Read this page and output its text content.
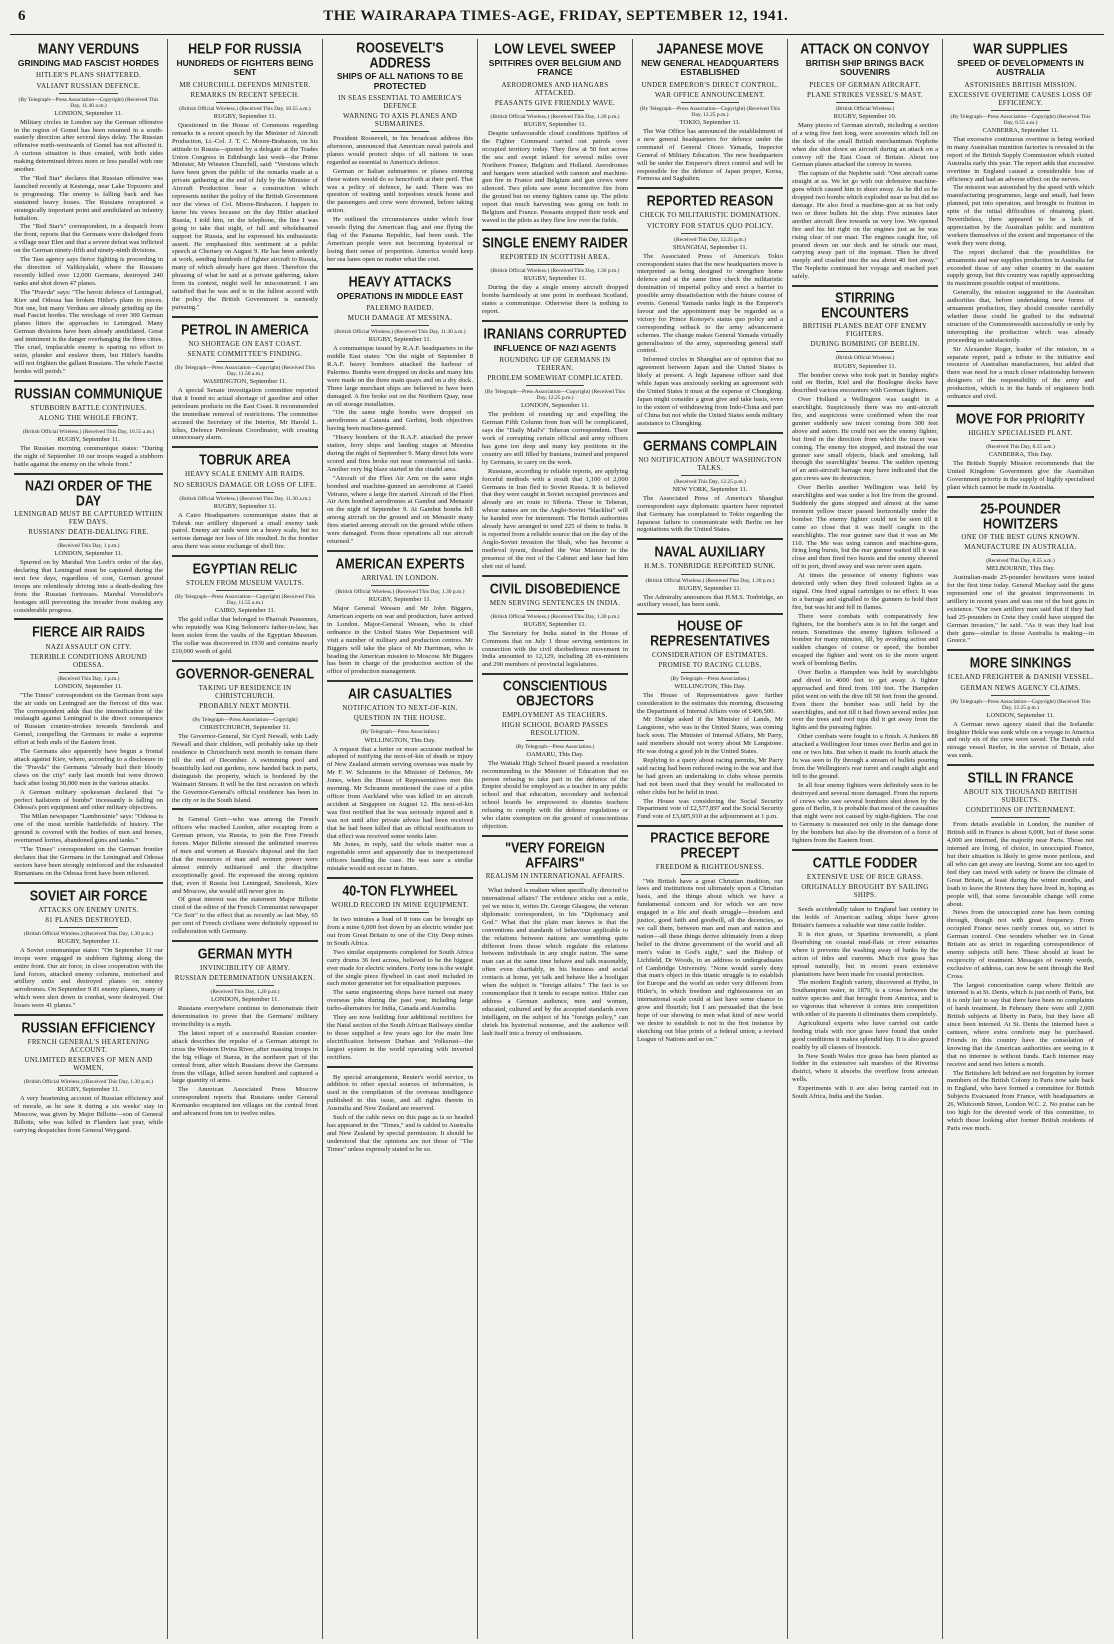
6	THE WAIRARAPA TIMES-AGE, FRIDAY, SEPTEMBER 12, 1941.
MANY VERDUNS
GRINDING MAD FASCIST HORDES
HITLER'S PLANS SHATTERED.
VALIANT RUSSIAN DEFENCE.
(By Telegraph—Press Association—Copyright) (Received This Day, 11.40 a.m.)
LONDON, September 11.

Military circles in London say the German offensive in the region of Gomel has been resumed in a south-easterly direction after several days delay. The Russian offensive north-westwards of Gomel has not affected it. A curious situation is thus created, with both sides making determined drives more or less parallel with one another.

The "Red Star" declares that Russian offensive was launched recently at Kestenga, near Lake Topozero and is progressing. The enemy is falling back and has sustained heavy losses. The Russians recaptured a strategically important point and annihilated an infantry battalion.

The "Red Star's" correspondent, in a despatch from the front, reports that the Germans were dislodged from a village near Elen and that a severe defeat was inflicted on the German ninety-fifth and ninety-ninth divisions.

The Tass agency says fierce fighting is proceeding in the direction of Valikiyalaki, where the Russians recently killed over 12,000 Germans, destroyed 240 tanks and shot down 47 planes.

The "Pravda" says: "The heroic defence of Leningrad, Kiev and Odessa has broken Hitler's plans to pieces. Not one, but many Verduns are already grinding up the mad Fascist hordes. The wreckage of over 300 German planes litters the approaches to Leningrad. Many German divisions have been already annihilated. Great and imminent is the danger overhanging the three cities. The cruel, implacable enemy is sparing no effort to seize, plunder and enslave them, but Hitler's bandits will not frighten the gallant Russians. The whole Fascist hordes will perish."

RUSSIAN COMMUNIQUE
STUBBORN BATTLE CONTINUES.
ALONG THE WHOLE FRONT.
(British Official Wireless.) (Received This Day, 10.55 a.m.)
RUGBY, September 11.

The Russian morning communique states: "During the night of September 10 our troops waged a stubborn battle against the enemy on the whole front."

NAZI ORDER OF THE DAY
LENINGRAD MUST BE CAPTURED WITHIN FEW DAYS.
RUSSIANS' DEATH-DEALING FIRE.
(Received This Day, 1 p.m.)
LONDON, September 11.

Spurred on by Marshal Von Leeb's order of the day, declaring that Leningrad must be captured during the next few days, regardless of cost, German ground troops are relentlessly driving into a death-dealing fire from the Russian fortresses. Marshal Voroshilov's hostages still preventing the invader from making any considerable progress.

FIERCE AIR RAIDS
NAZI ASSAULT ON CITY.
TERRIBLE CONDITIONS AROUND ODESSA.
(Received This Day, 1 p.m.)
LONDON, September 11.

"The Times" correspondent on the German front says the air raids on Leningrad are the fiercest of this war. The correspondent adds that the intensification of the onslaught against Leningrad is the direct consequence of Russian counter-strokes towards Smolensk and Gomel, compelling the Germans to make a supreme effort at both ends of the Eastern front.

The Germans also apparently have begun a frontal attack against Kiev, where, according to a disclosure in the "Pravda" the Germans "already hurl their bloody claws on the city" early last month but were thrown back after losing 30,000 men in the various attacks.

A German military spokesman declared that "a perfect hailstorm of bombs" incessantly is falling on Odessa's port equipment and other military objectives.

The Milan newspaper "Lambrosinie" says: "Odessa is one of the most terrible battlefields of history. The ground is covered with the bodies of men and horses, overturned lorries, abandoned guns and tanks."

"The Times" correspondent on the German frontier declares that the Germans in the Leningrad and Odessa sectors have been strongly reinforced and the exhausted Rumanians on the Odessa front have been relieved.

SOVIET AIR FORCE
ATTACKS ON ENEMY UNITS.
81 PLANES DESTROYED.
(British Official Wireless.) (Received This Day, 1.30 p.m.)
RUGBY, September 11.

A Soviet communique states: "On September 11 our troops were engaged in stubborn fighting along the entire front. Our air force, in close cooperation with the land forces, attacked enemy columns, motorised and artillery units and destroyed planes on enemy aerodromes. On September 9 81 enemy planes, many of which were shot down in combat, were destroyed. Our losses were 41 planes."

RUSSIAN EFFICIENCY
FRENCH GENERAL'S HEARTENING ACCOUNT.
UNLIMITED RESERVES OF MEN AND WOMEN.
(British Official Wireless.) (Received This Day, 1.30 p.m.)
RUGBY, September 11.

A very heartening account of Russian efficiency and of morale, as he saw it during a six weeks' stay in Moscow, was given by Major Billotte—son of General Billotte, who was killed in Flanders last year, while carrying despatches from General Weygand.

HELP FOR RUSSIA
HUNDREDS OF FIGHTERS BEING SENT
MR CHURCHILL DEFENDS MINISTER.
REMARKS IN RECENT SPEECH.
(British Official Wireless.) (Received This Day, 10.55 a.m.)
RUGBY, September 11.

Questioned in the House of Commons regarding remarks in a recent speech by the Minister of Aircraft Production, Lt.-Col. J. T. C. Moore-Brabazon, on his attitude to Russia—quoted by a delegate at the Trades Union Congress in Edinburgh last week—the Prime Minister, Mr Winston Churchill, said: "Versions which have been given the public of the remarks made at a private gathering at the end of July by the Minister of Aircraft Production bear a construction which represents neither the policy of the British Government nor the views of Col. Moore-Brabazon. I happen to know his views because on the day Hitler attacked Russia, I told him, on the telephone, the line I was going to take that night, of full and wholehearted support for Russia, and he expressed his enthusiastic assent. He emphasised this sentiment at a public speech at Chertsey on August 9. He has been ardently at work, sending hundreds of fighter aircraft to Russia, many of which already have got there. Therefore the phrasing of what he said at a private gathering, taken from its context, might well be misconstrued. I am satisfied that he was and is in the fullest accord with the policy the British Government is earnestly pursuing."

PETROL IN AMERICA
NO SHORTAGE ON EAST COAST.
SENATE COMMITTEE'S FINDING.
(By Telegraph—Press Association—Copyright) (Received This Day, 11.50 a.m.)
WASHINGTON, September 11.

A special Senate investigation committee reported that it found no actual shortage of gasoline and other petroleum products on the East Coast. It recommended the immediate removal of restrictions. The committee accused the Secretary of the Interior, Mr Harold L. Ickes, Defence Petroleum Coordinator, with creating unnecessary alarm.

TOBRUK AREA
HEAVY SCALE ENEMY AIR RAIDS.
NO SERIOUS DAMAGE OR LOSS OF LIFE.
(British Official Wireless.) (Received This Day, 11.30 a.m.)
RUGBY, September 11.

A Cairo Headquarters communique states that at Tobruk our artillery dispersed a small enemy tank patrol. Enemy air raids were on a heavy scale, but no serious damage nor loss of life resulted. In the frontier area there was some exchange of shell fire.

EGYPTIAN RELIC
STOLEN FROM MUSEUM VAULTS.
(By Telegraph—Press Association—Copyright) (Received This Day, 11.55 a.m.)
CAIRO, September 11.

The gold collar that belonged to Pharoah Psusennes, who reputedly was King Solomon's father-in-law, has been stolen from the vaults of the Egyptian Museum. The collar was discovered in 1939 and contains nearly £10,000 worth of gold.

GOVERNOR-GENERAL
TAKING UP RESIDENCE IN CHRISTCHURCH.
PROBABLY NEXT MONTH.
(By Telegraph—Press Association—Copyright)
CHRISTCHURCH, September 11.

The Governor-General, Sir Cyril Newall, with Lady Newall and their children, will probably take up their residence in Christchurch next month to remain there till the end of December. A swimming pool and beautifully laid out gardens, now handed back in parts, distinguish the property, which is bordered by the Waimairi Stream. It will be the first occasion on which the Governor-General's official residence has been in the city or in the South Island.

In General Gort—who was among the French officers who reached London, after escaping from a German prison, via Russia, to join the Free French forces. Major Billotte stressed the unlimited reserves of men and women at Russia's disposal and the fact that the resources of man and women power were almost entirely militarised and the discipline exceptionally good. He expressed the strong opinion that, even if Russia lost Leningrad, Smolensk, Kiev and Moscow, she would still never give in.

Of great interest was the statement Major Billotte cited of the editor of the French Communist newspaper "Ce Soir" to the effect that as recently as last May, 65 per cent of French civilians were definitely opposed to collaboration with Germany.

GERMAN MYTH
INVINCIBILITY OF ARMY.
RUSSIAN DETERMINATION UNSHAKEN.
(Received This Day, 1.20 p.m.)
LONDON, September 11.

Russians everywhere continue to demonstrate their determination to prove that the Germans' military invincibility is a myth.

The latest report of a successful Russian counter-attack describes the repulse of a German attempt to cross the Western Dvina River, after massing troops in the big village of Starza, in the northern part of the central front, after which Russians drove the Germans from the village, killed seven hundred and captured a large quantity of arms.

The American Associated Press Moscow correspondent reports that Russians under General Kremanko recaptured ten villages on the central front and advanced from ten to twelve miles.

ROOSEVELT'S ADDRESS
SHIPS OF ALL NATIONS TO BE PROTECTED
IN SEAS ESSENTIAL TO AMERICA'S DEFENCE
WARNING TO AXIS PLANES AND SUBMARINES.

President Roosevelt, in his broadcast address this afternoon, announced that American naval patrols and planes would protect ships of all nations in seas regarded as essential to America's defence.

German or Italian submarines or planes entering these waters would do so henceforth at their peril. That was a policy of defence, he said. There was no question of waiting until torpedoes struck home and the passengers and crew were drowned, before taking action.

He outlined the circumstances under which four vessels flying the American flag, and one flying the flag of the Panama Republic, had been sunk. The American people were not becoming hysterical or losing their sense of proportion. America would keep her sea lanes open no matter what the cost.

HEAVY ATTACKS
OPERATIONS IN MIDDLE EAST
PALERMO RAIDED.
MUCH DAMAGE AT MESSINA.
(British Official Wireless.) (Received This Day, 11.30 a.m.)
RUGBY, September 11.

A communique issued by R.A.F. headquarters in the middle East states: "On the night of September 8 R.A.F. heavy bombers attacked the harbour of Palermo. Bombs were dropped on docks and many hits were made on the three main quays and on a dry dock. Three large merchant ships are believed to have been damaged. A fire broke out on the Northern Quay, near an oil storage installation.

"On the same night bombs were dropped on aerodromes at Catania and Gerbini, both objectives having been machine-gunned.

"Heavy bombers of the R.A.F. attacked the power station, ferry ships and landing stages at Messina during the night of September 9. Many direct hits were scored and fires broke out near commercial oil tanks. Another very big blaze started in the citadel area.

"Aircraft of the Fleet Air Arm on the same night bombed and machine-gunned an aerodrome at Castel Vetrano, where a large fire started. Aircraft of the Fleet Air Arm bombed aerodromes at Gambut and Menastir on the night of September 9. At Gambut bombs fell among aircraft on the ground and on Menastir many fires started among aircraft on the ground while others were damaged. From these operations all our aircraft returned."

AMERICAN EXPERTS
ARRIVAL IN LONDON.
(British Official Wireless.) (Received This Day, 1.30 p.m.)
RUGBY, September 11.

Major General Wessen and Mr John Biggers, American experts on war and production, have arrived in London. Major-General Wessen, who is chief ordnance in the United States War Department will visit a number of military and production centres. Mr Biggers will take the place of Mr Harriman, who is heading the American mission to Moscow. Mr Biggers has been in charge of the production section of the office of production management.

AIR CASUALTIES
NOTIFICATION TO NEXT-OF-KIN.
QUESTION IN THE HOUSE.
(By Telegraph—Press Association.)
WELLINGTON, This Day.

A request that a better or more accurate method be adopted of notifying the next-of-kin of death or injury of New Zealand airmen serving overseas was made by Mr F. W. Schramm to the Minister of Defence, Mr Jones, when the House of Representatives met this morning. Mr Schramm mentioned the case of a pilot officer from Auckland who was killed in an aircraft accident at Singapore on August 12. His next-of-kin was first notified that he was seriously injured and it was not until after private advice had been received that he had been killed that an official notification to that effect was received some weeks later.

Mr Jones, in reply, said the whole matter was a regrettable error and apparently due to inexperienced officers handling the case. He was sure a similar mistake would not occur in future.

40-TON FLYWHEEL
WORLD RECORD IN MINE EQUIPMENT.

In two minutes a load of 8 tons can be brought up from a mine 6,000 feet down by an electric winder just out from Great Britain to one of the City Deep mines in South Africa.

Two similar equipments completed for South Africa carry drums 36 feet across, believed to be the biggest ever made for electric winders. Forty tons is the weight of the single piece flywheel in cast steel included in each motor generator set for equalisation purposes.

The same engineering shops have turned out many overseas jobs during the past year, including large turbo-alternators for India, Canada and Australia.

They are now building four additional rectifiers for the Natal section of the South African Railways similar to those supplied a few years ago for the main line electrification between Durban and Volksrust—the largest system in the world operating with inverted rectifiers.

By special arrangement, Reuter's world service, in addition to other special sources of information, is used in the compilation of the overseas intelligence published in this issue, and all rights therein in Australia and New Zealand are reserved.

Such of the cable news on this page as is so headed has appeared in the "Times," and is cabled to Australia and New Zealand by special permission. It should be understood that the opinions are not those of "The Times" unless expressly stated to be so.

LOW LEVEL SWEEP
SPITFIRES OVER BELGIUM AND FRANCE
AERODROMES AND HANGARS ATTACKED.
PEASANTS GIVE FRIENDLY WAVE.
(British Official Wireless.) (Received This Day, 1.30 p.m.)
RUGBY, September 11.

Despite unfavourable cloud conditions Spitfires of the Fighter Command carried out patrols over occupied territory today. They flew at 50 feet across the sea and swept inland for several miles over Northern France, Belgium and Holland. Aerodromes and hangars were attacked with cannon and machine-gun fire in France and Belgium and gun crews were silenced. Two pilots saw some locomotive fire from the ground but no enemy fighters came up. The pilots report that much harvesting was going on both in Belgium and France. Peasants stopped their work and waved to the pilots as they flew low over the fields.

SINGLE ENEMY RAIDER
REPORTED IN SCOTTISH AREA.
(British Official Wireless.) (Received This Day, 1.30 p.m.)
RUGBY, September 11.

During the day a single enemy aircraft dropped bombs harmlessly at one point in northeast Scotland, states a communique. Otherwise there is nothing to report.

IRANIANS CORRUPTED
INFLUENCE OF NAZI AGENTS
ROUNDING UP OF GERMANS IN TEHERAN.
PROBLEM SOMEWHAT COMPLICATED.
(By Telegraph—Press Association—Copyright) (Received This Day, 12.25 p.m.)
LONDON, September 11.

The problem of rounding up and expelling the German Fifth Column from Iran will be complicated, says the "Daily Mail's" Teheran correspondent. Their work of corrupting certain official and army officers has gone too deep and many key positions in the country are still filled by Iranians, trained and prepared by Germans, to carry on the work.

Russians, according to reliable reports, are applying forceful methods with a result that 1,100 of 2,000 Germans in Iran fled to Soviet Russia. It is believed that they were caught in Soviet occupied provinces and already are en route to Siberia. Those in Teheran, whose names are on the Anglo-Soviet "blacklist" will be handed over for internment. The British authorities already have arranged to send 225 of them to India. It is reported from a reliable source that on the day of the Anglo-Soviet invasion the Shah, who has become a medieval tyrant, thrashed the War Minister in the presence of the rest of the Cabinet and later had him shot out of hand.

CIVIL DISOBEDIENCE
MEN SERVING SENTENCES IN INDIA.
(British Official Wireless.) (Received This Day, 1.30 p.m.)
RUGBY, September 11.

The Secretary for India stated in the House of Commons that on July 1 those serving sentences in connection with the civil disobedience movement in India amounted to 12,129, including 28 ex-ministers and 290 members of provincial legislatures.

CONSCIENTIOUS OBJECTORS
EMPLOYMENT AS TEACHERS.
HIGH SCHOOL BOARD PASSES RESOLUTION.
(By Telegraph—Press Association.)
OAMARU, This Day.

The Waitaki High School Board passed a resolution recommending to the Minister of Education that no person refusing to take part in the defence of the Empire should be employed as a teacher in any public school and that education, secondary and technical school boards be empowered to dismiss teachers refusing to comply with the defence regulations or who claim exemption on the ground of conscientious objection.

"VERY FOREIGN AFFAIRS"
REALISM IN INTERNATIONAL AFFAIRS.

What indeed is realism when specifically directed to international affairs? The evidence sticks out a mile, yet we miss it, writes Dr. George Glasgow, the veteran diplomatic correspondent, in his "Diplomacy and God." What that the plain man knows is that the conventions and standards of behaviour applicable to the relations between nations are something quite different from those which regulate the relations between individuals in any single nation. The same man can at the same time behave and talk reasonably, often even charitably, in his business and social contacts at home, yet talk and behave like a hooligan when the subject is "foreign affairs." The fact is so commonplace that it tends to escape notice. Hitler can address a German audience, men and women, educated, cultured and by the accepted standards even intelligent, on the subject of his "foreign policy," can shriek his hysterical nonsense, and the audience will lash itself into a frenzy of enthusiasm.

JAPANESE MOVE
NEW GENERAL HEADQUARTERS ESTABLISHED
UNDER EMPEROR'S DIRECT CONTROL.
WAR OFFICE ANNOUNCEMENT.
(By Telegraph—Press Association—Copyright) (Received This Day, 12.25 p.m.)
TOKIO, September 11.

The War Office has announced the establishment of a new general headquarters for defence under the command of General Otozo Yamada, Inspector General of Military Education. The new headquarters will be under the Emperor's direct control and will be responsible for the defence of Japan proper, Korea, Formosa and Saghalien.

REPORTED REASON
CHECK TO MILITARISTIC DOMINATION.
VICTORY FOR STATUS QUO POLICY.
(Received This Day, 12.25 p.m.)
SHANGHAI, September 11.

The Associated Press of America's Tokio correspondent states that the new headquarters move is interpreted as being designed to strengthen home defence and at the same time check the militaristic domination of imperial policy and erect a barrier to possible army dissatisfaction with the future course of events. General Yamada ranks high in the Emperor's favour and the appointment may be regarded as a victory for Prince Konoye's status quo policy and a corresponding setback to the army advancement schemes. The change makes General Yamada virtually generalissimo of the army, superseding general staff control.

Informed circles in Shanghai are of opinion that no agreement between Japan and the United States is likely at present. A high Japanese officer said that while Japan was anxiously seeking an agreement with the United States it must at the expense of Chungking. Japan might consider a great give and take basis, even to the extent of withdrawing from Indo-China and part of China but not while the United States sends military assistance to Chungking.

GERMANS COMPLAIN
NO NOTIFICATION ABOUT WASHINGTON TALKS.
(Received This Day, 12.25 p.m.)
NEW YORK, September 11.

The Associated Press of America's Shanghai correspondent says diplomatic quarters have reported that Germany has complained to Tokio regarding the Japanese failure to communicate with Berlin on her negotiations with the United States.

NAVAL AUXILIARY
H.M.S. TONBRIDGE REPORTED SUNK.
(British Official Wireless.) (Received This Day, 1.30 p.m.)
RUGBY, September 11.

The Admiralty announces that H.M.S. Tonbridge, an auxiliary vessel, has been sunk.

HOUSE OF REPRESENTATIVES
CONSIDERATION OF ESTIMATES.
PROMISE TO RACING CLUBS.
(By Telegraph—Press Association.)
WELLINGTON, This Day.

The House of Representatives gave further consideration to the estimates this morning, discussing the Department of Internal Affairs vote of £406,500.

Mr Doidge asked if the Minister of Lands, Mr Langstone, who was in the United States, was coming back soon. The Minister of Internal Affairs, Mr Parry, said members should not worry about Mr Langstone. He was doing a good job in the United States.

Replying to a query about racing permits, Mr Parry said racing had been reduced owing to the war and that he had given an undertaking to clubs whose permits had not been used that they would be reallocated to other clubs but be held in trust.

The House was considering the Social Security Department vote of £2,577,897 and the Social Security Fund vote of £3,605,910 at the adjournment at 1 p.m.

PRACTICE BEFORE PRECEPT
FREEDOM & RIGHTEOUSNESS.

"We British have a great Christian tradition, our laws and institutions rest ultimately upon a Christian basis, and the things about which we have a fundamental concern and for which we are now engaged in a life and death struggle—freedom and justice, good faith and goodwill, all the decencies, as we call them, between man and man and nation and nation—all these things derive ultimately from a deep belief in the divine government of the world and all men's value in God's sight," said the Bishop of Lichfield, Dr Woods, in an address to undergraduates of Cambridge University. "None would surely deny that man's object in this titanic struggle is to establish for Europe and the world an order very different from Hitler's, in which freedom and righteousness on an international scale could at last have some chance to grow and flourish; but I am persuaded that the best hope of our showing to men what kind of new world we desire to establish is not in the first instance by sketching out blue prints of a federal union, a revised League of Nations and so on."

ATTACK ON CONVOY
BRITISH SHIP BRINGS BACK SOUVENIRS
PIECES OF GERMAN AIRCRAFT.
PLANE STRIKES VESSEL'S MAST.
(British Official Wireless.)
RUGBY, September 10.

Many pieces of German aircraft, including a section of a wing five feet long, were souvenirs which fell on the deck of the small British merchantman Nephrite when she shot down an aircraft during an attack on a convoy off the East Coast of Britain. About ten German planes attacked the convoy in waves.

The captain of the Nephrite said: "One aircraft came straight at us. We let go with our defensive machine-guns which caused him to sheer away. As he did so he dropped two bombs which exploded near us but did no damage. He also fired a machine-gun at us but only two or three bullets hit the ship. Five minutes later another aircraft flew towards us very low. We opened fire and his hit right on the engines just as he was rising clear of our mast. The engines caught fire, oil poured down on our deck and he struck our mast, carrying away part of the topmast. Then he dived steeply and crashed into the sea about 40 feet away." The Nephrite continued her voyage and reached port safely.

STIRRING ENCOUNTERS
BRITISH PLANES BEAT OFF ENEMY FIGHTERS.
DURING BOMBING OF BERLIN.
(British Official Wireless.)
RUGBY, September 11.

The bomber crews who took part in Sunday night's raid on Berlin, Kiel and the Boulogne docks have described various encounters with German fighters.

Over Holland a Wellington was caught in a searchlight. Suspiciously there was no anti-aircraft fire, and suspicions were confirmed when the rear gunner suddenly saw tracer coming from 300 feet above and astern. He could not see the enemy fighter, but fired in the direction from which the tracer was coming. The enemy fire stopped, and instead the rear gunner saw small objects, black and smoking, fall through the searchlights' beams. The sudden opening of an anti-aircraft barrage may have indicated that the gun crews saw its destruction.

Over Berlin another Wellington was held by searchlights and was under a hot fire from the ground. Suddenly the guns stopped and almost at the same moment yellow tracer passed horizontally under the bomber. The enemy fighter could not be seen till it came so close that it was itself caught in the searchlights. The rear gunner saw that it was an Me 110. The Me was using cannon and machine-guns, firing long bursts, but the rear gunner waited till it was close and then fired two bursts and the enemy sheered off to port, dived away and was never seen again.

At times the presence of enemy fighters was detected only when they fired coloured lights as a signal. One fired signal cartridges to no effect. It was in a barrage and signalled to the gunners to hold their fire, but was hit and fell in flames.

There were combats with comparatively few fighters, for the bomber's aim is to hit the target and return. Sometimes the enemy fighters followed a bomber for many minutes, till, by avoiding action and sudden changes of course or speed, the bomber escaped the fighter and went on to the more urgent work of bombing Berlin.

Over Berlin a Hampden was held by searchlights and dived to 4000 feet to get away. A fighter approached and fired from 100 feet. The Hampden pilot went on with the dive till 50 feet from the ground. Even there the bomber was still held by the searchlights, and not till it had flown several miles just over the trees and roof tops did it get away from the lights and the pursuing fighter.

Other combats were fought to a finish. A Junkers 88 attacked a Wellington four times over Berlin and got in one or two hits. But when it made its fourth attack the Ju was seen to fly through a stream of bullets pouring from the Wellington's rear turret and caught alight and fell to the ground.

In all four enemy fighters were definitely seen to be destroyed and several more damaged. From the reports of crews who saw several bombers shot down by the guns of Berlin, it is probable that most of the casualties that night were not caused by night-fighters. The cost to Germany is measured not only in the damage done by the bombers but also by the diversion of a force of fighters from the Eastern front.

CATTLE FODDER
EXTENSIVE USE OF RICE GRASS.
ORIGINALLY BROUGHT BY SAILING SHIPS.

Seeds accidentally taken to England last century in the holds of American sailing ships have given Britain's farmers a valuable war time cattle fodder.

It is rice grass, or Spartina townsendii, a plant flourishing on coastal mud-flats or river estuaries where it prevents the washing away of banks by the action of tides and currents. Much rice grass has spread naturally, but in recent years extensive plantations have been made for coastal protection.

The modern English variety, discovered at Hythe, in Southampton water, in 1870, is a cross between the native species and that brought from America, and is so vigorous that wherever it comes into competition with either of its parents it eliminates them completely.

Agricultural experts who have carried out cattle feeding trials with rice grass have found that under good conditions it makes splendid hay. It is also grazed readily by all classes of livestock.

In New South Wales rice grass has been planted as fodder in the extensive salt marshes of the Riverina district, where it absorbs the overflow from artesian wells.

Experiments with it are also being carried out in South Africa, India and the Sudan.

WAR SUPPLIES
SPEED OF DEVELOPMENTS IN AUSTRALIA
ASTONISHES BRITISH MISSION.
EXCESSIVE OVERTIME CAUSES LOSS OF EFFICIENCY.
(By Telegraph—Press Association—Copyright) (Received This Day, 8.55 a.m.)
CANBERRA, September 11.

That excessive continuous overtime is being worked in many Australian munition factories is revealed in the report of the British Supply Commission which visited Australia early this year. The report adds that excessive overtime in England caused a considerable loss of efficiency and had an adverse effect on the nerves.

The mission was astonished by the speed with which manufacturing programmes, large and small, had been planned, put into operation, and brought to fruition in spite of the initial difficulties of obtaining plant. Nevertheless, there appeared to be a lack of appreciation by the Australian public and munition workers themselves of the extent and importance of the work they were doing.

The report declared that the possibilities for armaments and war supplies production in Australia far exceeded those of any other country in the eastern supply group, but this country was rapidly approaching its maximum possible output of munitions.

Generally, the mission suggested to the Australian authorities that, before undertaking new forms of armament production, they should consider carefully whether these could be grafted to the industrial structure of the Commonwealth successfully or only by interrupting the production which was already proceeding so satisfactorily.

Sir Alexander Roger, leader of the mission, in a separate report, paid a tribute to the initiative and resource of Australian manufacturers, but added that there was need for a much closer relationship between designers of the responsibility of the army and production, which is in the hands of engineers both ordnance and civil.

MOVE FOR PRIORITY
HIGHLY SPECIALISED PLANT.
(Received This Day, 8.55 a.m.)
CANBERRA, This Day.

The British Supply Mission recommends that the United Kingdom Government give the Australian Government priority in the supply of highly specialised plant which cannot be made in Australia.

25-POUNDER HOWITZERS
ONE OF THE BEST GUNS KNOWN.
MANUFACTURE IN AUSTRALIA.
(Received This Day, 8.55 a.m.)
MELBOURNE, This Day.

Australian-made 25-pounder howitzers were tested for the first time today. General Mackay said the guns represented one of the greatest improvements in artillery in recent years and was one of the best guns in existence. "Our own artillery men said that if they had had 25-pounders in Crete they could have stopped the German invasion," he said. "As it was they had lost their guns—similar to those Australia is making—in Greece."

MORE SINKINGS
ICELAND FREIGHTER & DANISH VESSEL.
GERMAN NEWS AGENCY CLAIMS.
(By Telegraph—Press Association—Copyright) (Received This Day, 12.25 p.m.)
LONDON, September 11.

A German news agency stated that the Icelandic freighter Hekla was sunk while on a voyage to America and only six of the crew were saved. The Danish cold storage vessel Reefer, in the service of Britain, also was sunk.

STILL IN FRANCE
ABOUT SIX THOUSAND BRITISH SUBJECTS.
CONDITIONS OF INTERNMENT.

From details available in London, the number of British still in France is about 6,000, but of these some 4,000 are interned, the majority near Paris. Those not interned are living, of choice, in unoccupied France, but their situation is likely to grow more perilous, and all who can get away are leaving. Some are too aged to feel they can travel with safety or brave the climate of Great Britain, at least during the winter months, and loath to leave the Riviera they have lived in, hoping as people will, that some favourable change will come about.

News from the unoccupied zone has been coming through, though not with great frequency. From occupied France news rarely comes out, so strict is German control. One wonders whether we in Great Britain are as strict in regarding correspondence of enemy subjects still here. These should at least be reciprocity of treatment. Messages of twenty words, exclusive of address, can now be sent through the Red Cross.

The largest concentration camp where British are interned is at St. Denis, which is just north of Paris, but it is only fair to say that there have been no complaints of harsh treatment. In February there were still 2,000 British subjects at liberty in Paris, but they have all since been interned. At St. Denis the interned have a canteen, where extra comforts may be purchased. Friends in this country have the consolation of knowing that the American authorities are seeing to it that no internee is without funds. Each internee may receive and send two letters a month.

The Britishers left behind are not forgotten by former members of the British Colony in Paris now safe back in England, who have formed a committee for British Subjects Evacuated from France, with headquarters at 26, Whitcomb Street, London W.C. 2. No praise can be too high for the devoted work of this committee, to which those looking after former British residents of Paris owe much.
